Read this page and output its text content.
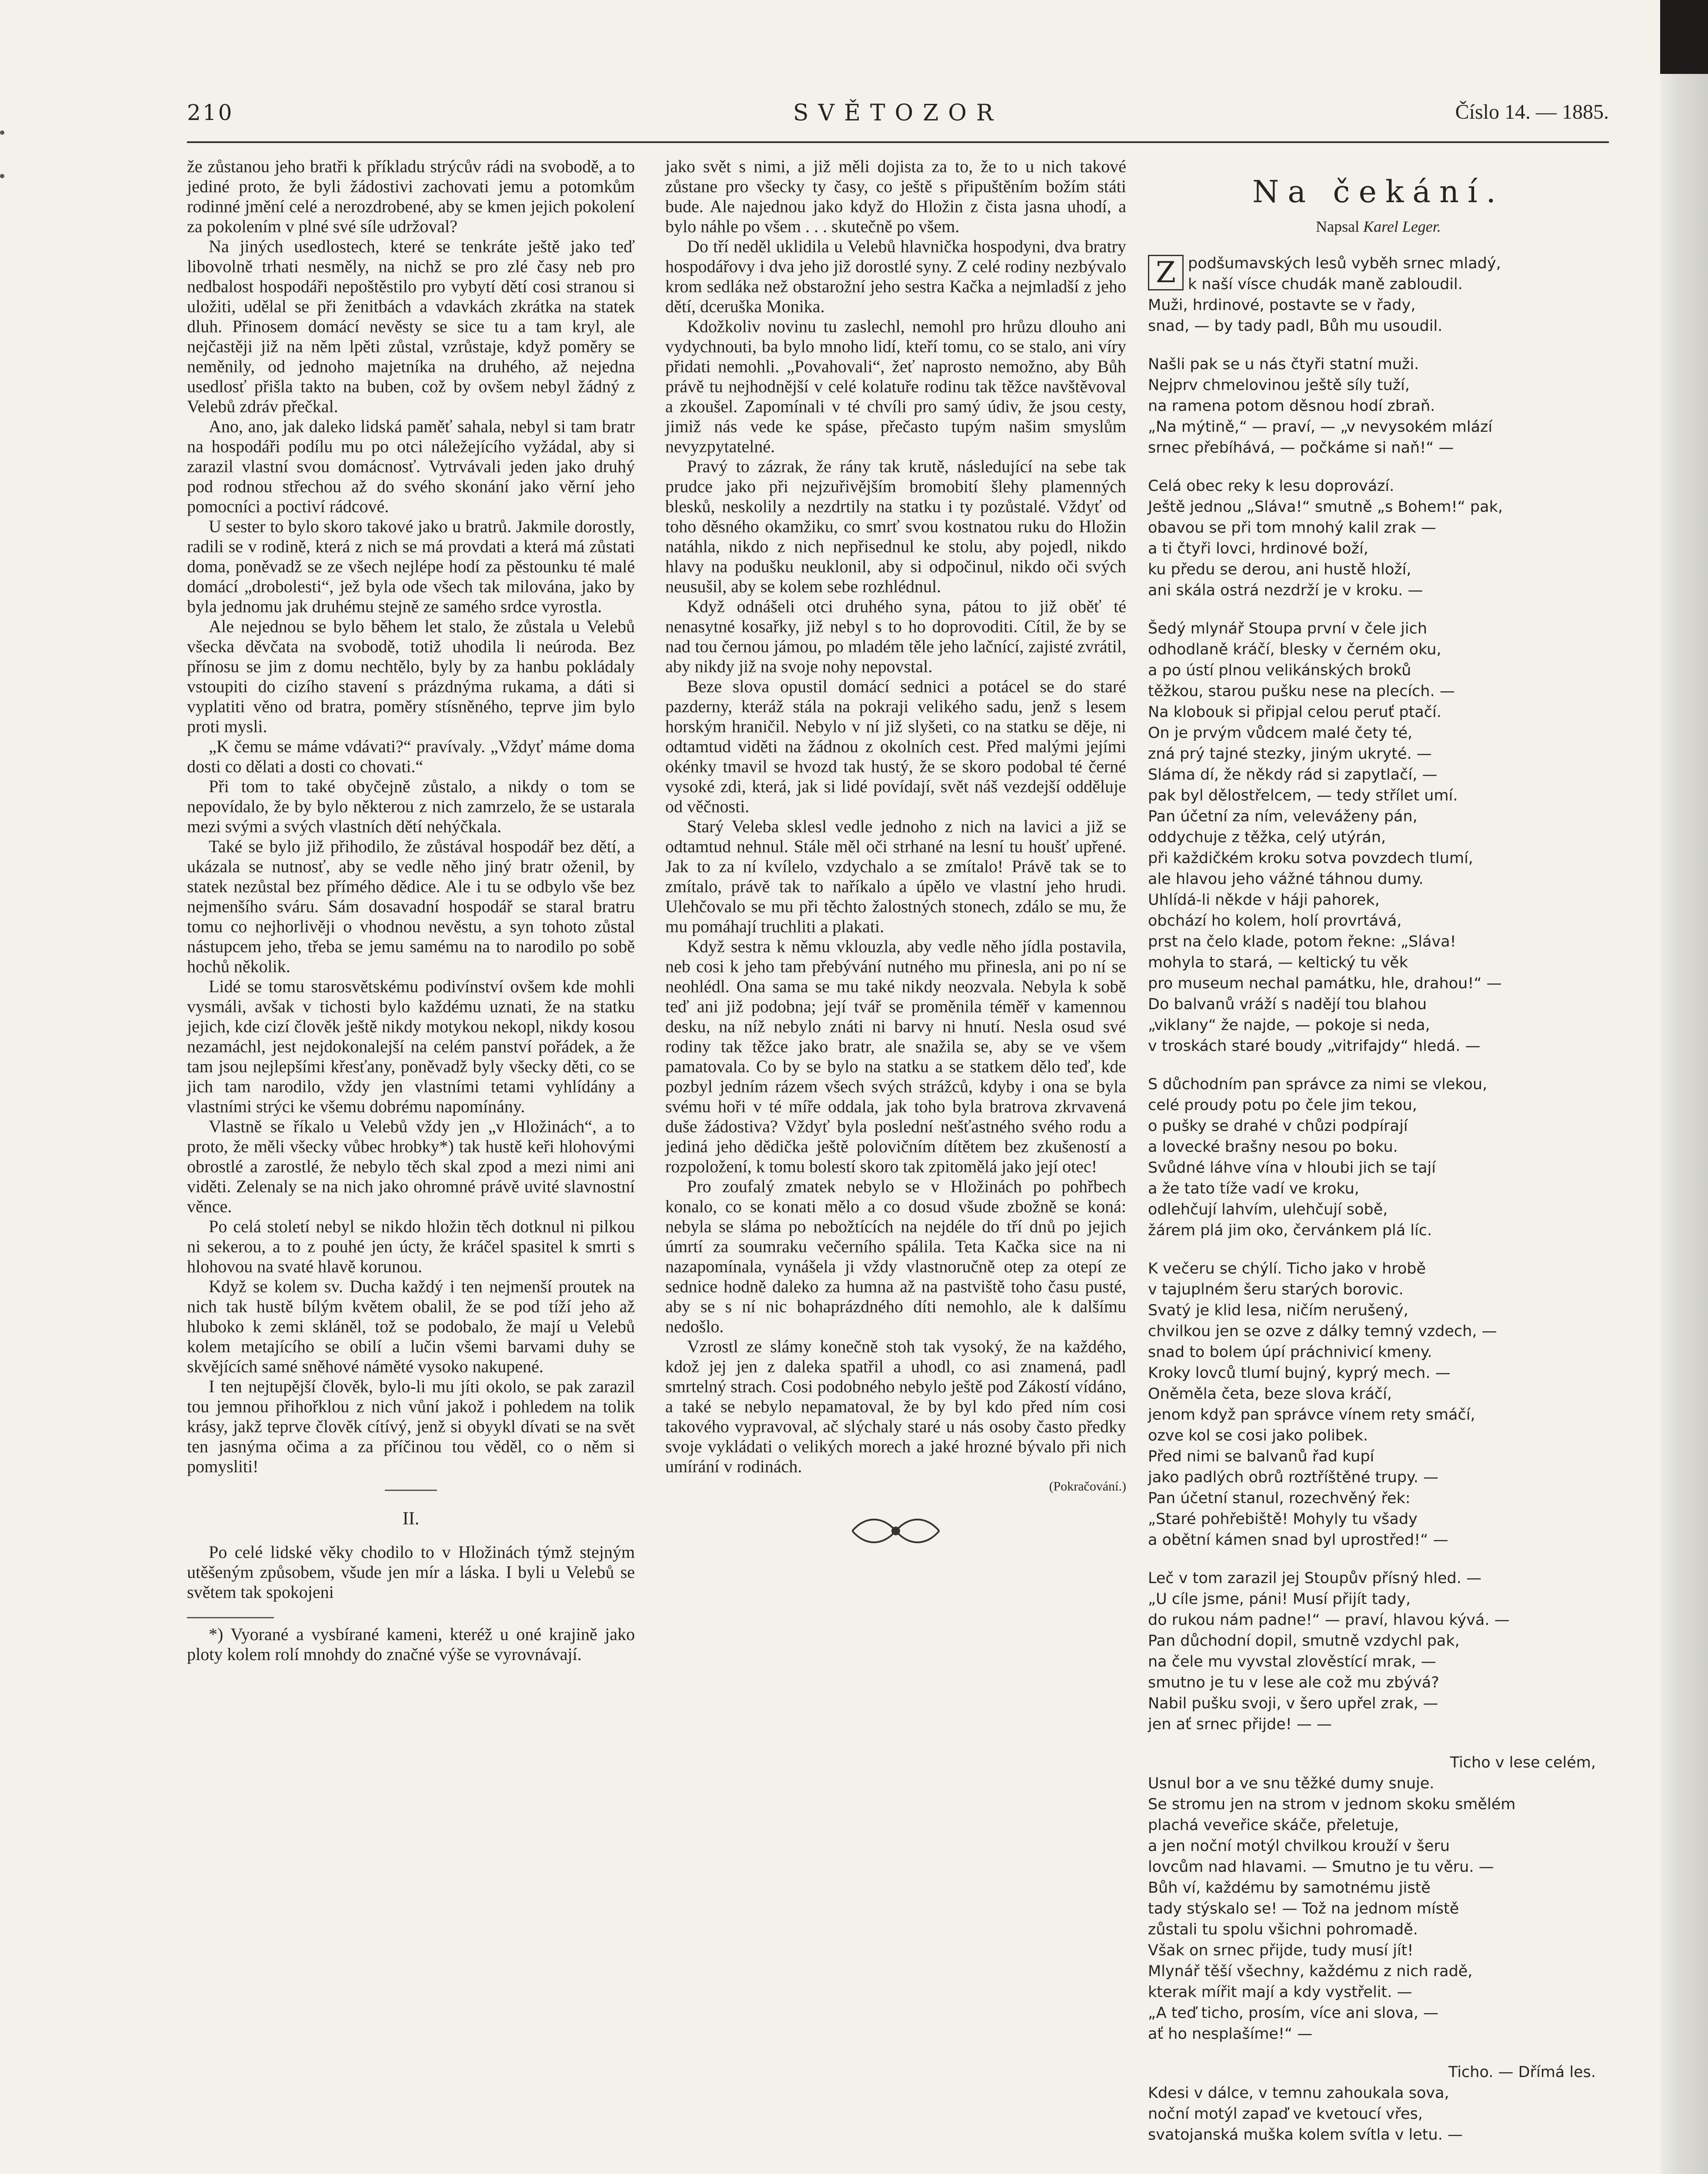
210	SVĚTOZOR	Číslo 14. — 1885.

že zůstanou jeho bratři k příkladu strýcův rádi na svobodě, a to jediné proto, že byli žádostivi zachovati jemu a potomkům rodinné jmění celé a nerozdrobené, aby se kmen jejich pokolení za pokolením v plné své síle udržoval?

Na jiných usedlostech, které se tenkráte ještě jako teď libovolně trhati nesměly, na nichž se pro zlé časy neb pro nedbalost hospodáři nepoštěstilo pro vybytí dětí cosi stranou si uložiti, udělal se při ženitbách a vdavkách zkrátka na statek dluh. Přinosem domácí nevěsty se sice tu a tam kryl, ale nejčastěji již na něm lpěti zůstal, vzrůstaje, když poměry se neměnily, od jednoho majetníka na druhého, až nejedna usedlosť přišla takto na buben, což by ovšem nebyl žádný z Velebů zdráv přečkal.

Ano, ano, jak daleko lidská paměť sahala, nebyl si tam bratr na hospodáři podílu mu po otci náležejícího vyžádal, aby si zarazil vlastní svou domácnosť. Vytrvávali jeden jako druhý pod rodnou střechou až do svého skonání jako věrní jeho pomocníci a poctiví rádcové.

U sester to bylo skoro takové jako u bratrů. Jakmile dorostly, radili se v rodině, která z nich se má provdati a která má zůstati doma, poněvadž se ze všech nejlépe hodí za pěstounku té malé domácí „drobolesti“, jež byla ode všech tak milována, jako by byla jednomu jak druhému stejně ze samého srdce vyrostla.

Ale nejednou se bylo během let stalo, že zůstala u Velebů všecka děvčata na svobodě, totiž uhodila li neúroda. Bez přínosu se jim z domu nechtělo, byly by za hanbu pokládaly vstoupiti do cizího stavení s prázdnýma rukama, a dáti si vyplatiti věno od bratra, poměry stísněného, teprve jim bylo proti mysli.

„K čemu se máme vdávati?“ pravívaly. „Vždyť máme doma dosti co dělati a dosti co chovati.“

Při tom to také obyčejně zůstalo, a nikdy o tom se nepovídalo, že by bylo některou z nich zamrzelo, že se ustarala mezi svými a svých vlastních dětí nehýčkala.

Také se bylo již přihodilo, že zůstával hospodář bez dětí, a ukázala se nutnosť, aby se vedle něho jiný bratr oženil, by statek nezůstal bez přímého dědice. Ale i tu se odbylo vše bez nejmenšího sváru. Sám dosavadní hospodář se staral bratru tomu co nejhorlivěji o vhodnou nevěstu, a syn tohoto zůstal nástupcem jeho, třeba se jemu samému na to narodilo po sobě hochů několik.

Lidé se tomu starosvětskému podivínství ovšem kde mohli vysmáli, avšak v tichosti bylo každému uznati, že na statku jejich, kde cizí člověk ještě nikdy motykou nekopl, nikdy kosou nezamáchl, jest nejdokonalejší na celém panství pořádek, a že tam jsou nejlepšími křesťany, poněvadž byly všecky děti, co se jich tam narodilo, vždy jen vlastními tetami vyhlídány a vlastními strýci ke všemu dobrému napomínány.

Vlastně se říkalo u Velebů vždy jen „v Hložinách“, a to proto, že měli všecky vůbec hrobky*) tak hustě keři hlohovými obrostlé a zarostlé, že nebylo těch skal zpod a mezi nimi ani viděti. Zelenaly se na nich jako ohromné právě uvité slavnostní věnce.

Po celá století nebyl se nikdo hložin těch dotknul ni pilkou ni sekerou, a to z pouhé jen úcty, že kráčel spasitel k smrti s hlohovou na svaté hlavě korunou.

Když se kolem sv. Ducha každý i ten nejmenší proutek na nich tak hustě bílým květem obalil, že se pod tíží jeho až hluboko k zemi skláněl, tož se podobalo, že mají u Velebů kolem metajícího se obilí a lučin všemi barvami duhy se skvějících samé sněhové náměté vysoko nakupené.

I ten nejtupější člověk, bylo-li mu jíti okolo, se pak zarazil tou jemnou přihořklou z nich vůní jakož i pohledem na tolik krásy, jakž teprve člověk cítívý, jenž si obyykl dívati se na svět ten jasnýma očima a za příčinou tou věděl, co o něm si pomysliti!

II.

Po celé lidské věky chodilo to v Hložinách týmž stejným utěšeným způsobem, všude jen mír a láska. I byli u Velebů se světem tak spokojeni

*) Vyorané a vysbírané kameni, kteréž u oné krajině jako ploty kolem rolí mnohdy do značné výše se vyrovnávají.

jako svět s nimi, a již měli dojista za to, že to u nich takové zůstane pro všecky ty časy, co ještě s připuštěním božím státi bude. Ale najednou jako když do Hložin z čista jasna uhodí, a bylo náhle po všem . . . skutečně po všem.

Do tří neděl uklidila u Velebů hlavnička hospodyni, dva bratry hospodářovy i dva jeho již dorostlé syny. Z celé rodiny nezbývalo krom sedláka než obstarožní jeho sestra Kačka a nejmladší z jeho dětí, dceruška Monika.

Kdožkoliv novinu tu zaslechl, nemohl pro hrůzu dlouho ani vydychnouti, ba bylo mnoho lidí, kteří tomu, co se stalo, ani víry přidati nemohli. „Povahovali“, žeť naprosto nemožno, aby Bůh právě tu nejhodnější v celé kolatuře rodinu tak těžce navštěvoval a zkoušel. Zapomínali v té chvíli pro samý údiv, že jsou cesty, jimiž nás vede ke spáse, přečasto tupým našim smyslům nevyzpytatelné.

Pravý to zázrak, že rány tak krutě, následující na sebe tak prudce jako při nejzuřivějším bromobití šlehy plamenných blesků, neskolily a nezdrtily na statku i ty pozůstalé. Vždyť od toho děsného okamžiku, co smrť svou kostnatou ruku do Hložin natáhla, nikdo z nich nepřisednul ke stolu, aby pojedl, nikdo hlavy na podušku neuklonil, aby si odpočinul, nikdo oči svých neusušil, aby se kolem sebe rozhlédnul.

Když odnášeli otci druhého syna, pátou to již oběť té nenasytné kosařky, již nebyl s to ho doprovoditi. Cítil, že by se nad tou černou jámou, po mladém těle jeho lačnící, zajisté zvrátil, aby nikdy již na svoje nohy nepovstal.

Beze slova opustil domácí sednici a potácel se do staré pazderny, kteráž stála na pokraji velikého sadu, jenž s lesem horským hraničil. Nebylo v ní již slyšeti, co na statku se děje, ni odtamtud viděti na žádnou z okolních cest. Před malými jejími okénky tmavil se hvozd tak hustý, že se skoro podobal té černé vysoké zdi, která, jak si lidé povídají, svět náš vezdejší odděluje od věčnosti.

Starý Veleba sklesl vedle jednoho z nich na lavici a již se odtamtud nehnul. Stále měl oči strhané na lesní tu houšť upřené. Jak to za ní kvílelo, vzdychalo a se zmítalo! Právě tak se to zmítalo, právě tak to naříkalo a úpělo ve vlastní jeho hrudi. Ulehčovalo se mu při těchto žalostných stonech, zdálo se mu, že mu pomáhají truchliti a plakati.

Když sestra k němu vklouzla, aby vedle něho jídla postavila, neb cosi k jeho tam přebývání nutného mu přinesla, ani po ní se neohlédl. Ona sama se mu také nikdy neozvala. Nebyla k sobě teď ani již podobna; její tvář se proměnila téměř v kamennou desku, na níž nebylo znáti ni barvy ni hnutí. Nesla osud své rodiny tak těžce jako bratr, ale snažila se, aby se ve všem pamatovala. Co by se bylo na statku a se statkem dělo teď, kde pozbyl jedním rázem všech svých strážců, kdyby i ona se byla svému hoři v té míře oddala, jak toho byla bratrova zkrvavená duše žádostiva? Vždyť byla poslední nešťastného svého rodu a jediná jeho dědička ještě polovičním dítětem bez zkušeností a rozpoložení, k tomu bolestí skoro tak zpitomělá jako její otec!

Pro zoufalý zmatek nebylo se v Hložinách po pohřbech konalo, co se konati mělo a co dosud všude zbožně se koná: nebyla se sláma po nebožtících na nejdéle do tří dnů po jejich úmrtí za soumraku večerního spálila. Teta Kačka sice na ni nazapomínala, vynášela ji vždy vlastnoručně otep za otepí ze sednice hodně daleko za humna až na pastviště toho času pusté, aby se s ní nic bohaprázdného díti nemohlo, ale k dalšímu nedošlo.

Vzrostl ze slámy konečně stoh tak vysoký, že na každého, kdož jej jen z daleka spatřil a uhodl, co asi znamená, padl smrtelný strach. Cosi podobného nebylo ještě pod Zákostí vídáno, a také se nebylo nepamatoval, že by byl kdo před ním cosi takového vypravoval, ač slýchaly staré u nás osoby často předky svoje vykládati o velikých morech a jaké hrozné bývalo při nich umírání v rodinách.

(Pokračování.)
Na čekání.
Napsal Karel Leger.
Z podšumavských lesů vyběh srnec mladý,
k naší vísce chudák maně zabloudil.
Muži, hrdinové, postavte se v řady,
snad, — by tady padl, Bůh mu usoudil.
Našli pak se u nás čtyři statní muži.
Nejprv chmelovinou ještě síly tuží,
na ramena potom děsnou hodí zbraň.
„Na mýtině,“ — praví, — „v nevysokém mlází
srnec přebíhává, — počkáme si naň!“ —
Celá obec reky k lesu doprovází.
Ještě jednou „Sláva!“ smutně „s Bohem!“ pak,
obavou se při tom mnohý kalil zrak —
a ti čtyři lovci, hrdinové boží,
ku předu se derou, ani hustě hloží,
ani skála ostrá nezdrží je v kroku. —
Šedý mlynář Stoupa první v čele jich
odhodlaně kráčí, blesky v černém oku,
a po ústí plnou velikánských broků
těžkou, starou pušku nese na plecích. —
Na klobouk si připjal celou peruť ptačí.
On je prvým vůdcem malé čety té,
zná prý tajné stezky, jiným ukryté. —
Sláma dí, že někdy rád si zapytlačí, —
pak byl dělostřelcem, — tedy střílet umí.
Pan účetní za ním, veleváženy pán,
oddychuje z těžka, celý utýrán,
při každičkém kroku sotva povzdech tlumí,
ale hlavou jeho vážné táhnou dumy.
Uhlídá-li někde v háji pahorek,
obchází ho kolem, holí provrtává,
prst na čelo klade, potom řekne: „Sláva!
mohyla to stará, — keltický tu věk
pro museum nechal památku, hle, drahou!“ —
Do balvanů vráží s nadějí tou blahou
„viklany“ že najde, — pokoje si neda,
v troskách staré boudy „vitrifajdy“ hledá. —
S důchodním pan správce za nimi se vlekou,
celé proudy potu po čele jim tekou,
o pušky se drahé v chůzi podpírají
a lovecké brašny nesou po boku.
Svůdné láhve vína v hloubi jich se tají
a že tato tíže vadí ve kroku,
odlehčují lahvím, ulehčují sobě,
žárem plá jim oko, červánkem plá líc.
K večeru se chýlí. Ticho jako v hrobě
v tajuplném šeru starých borovic.
Svatý je klid lesa, ničím nerušený,
chvilkou jen se ozve z dálky temný vzdech, —
snad to bolem úpí práchnivicí kmeny.
Kroky lovců tlumí bujný, kyprý mech. —
Oněměla četa, beze slova kráčí,
jenom když pan správce vínem rety smáčí,
ozve kol se cosi jako polibek.
Před nimi se balvanů řad kupí
jako padlých obrů roztříštěné trupy. —
Pan účetní stanul, rozechvěný řek:
„Staré pohřebiště! Mohyly tu všady
a obětní kámen snad byl uprostřed!“ —
Leč v tom zarazil jej Stoupův přísný hled. —
„U cíle jsme, páni! Musí přijít tady,
do rukou nám padne!“ — praví, hlavou kývá. —
Pan důchodní dopil, smutně vzdychl pak,
na čele mu vyvstal zlověstící mrak, —
smutno je tu v lese ale což mu zbývá?
Nabil pušku svoji, v šero upřel zrak, —
jen ať srnec přijde! — —
Ticho v lese celém,
Usnul bor a ve snu těžké dumy snuje.
Se stromu jen na strom v jednom skoku smělém
plachá veveřice skáče, přeletuje,
a jen noční motýl chvilkou krouží v šeru
lovcům nad hlavami. — Smutno je tu věru. —
Bůh ví, každému by samotnému jistě
tady stýskalo se! — Tož na jednom místě
zůstali tu spolu všichni pohromadě.
Však on srnec přijde, tudy musí jít!
Mlynář těší všechny, každému z nich radě,
kterak mířit mají a kdy vystřelit. —
„A teď ticho, prosím, více ani slova, —
ať ho nesplašíme!“ —
Ticho. — Dřímá les.
Kdesi v dálce, v temnu zahoukala sova,
noční motýl zapaď ve kvetoucí vřes,
svatojanská muška kolem svítla v letu. —
